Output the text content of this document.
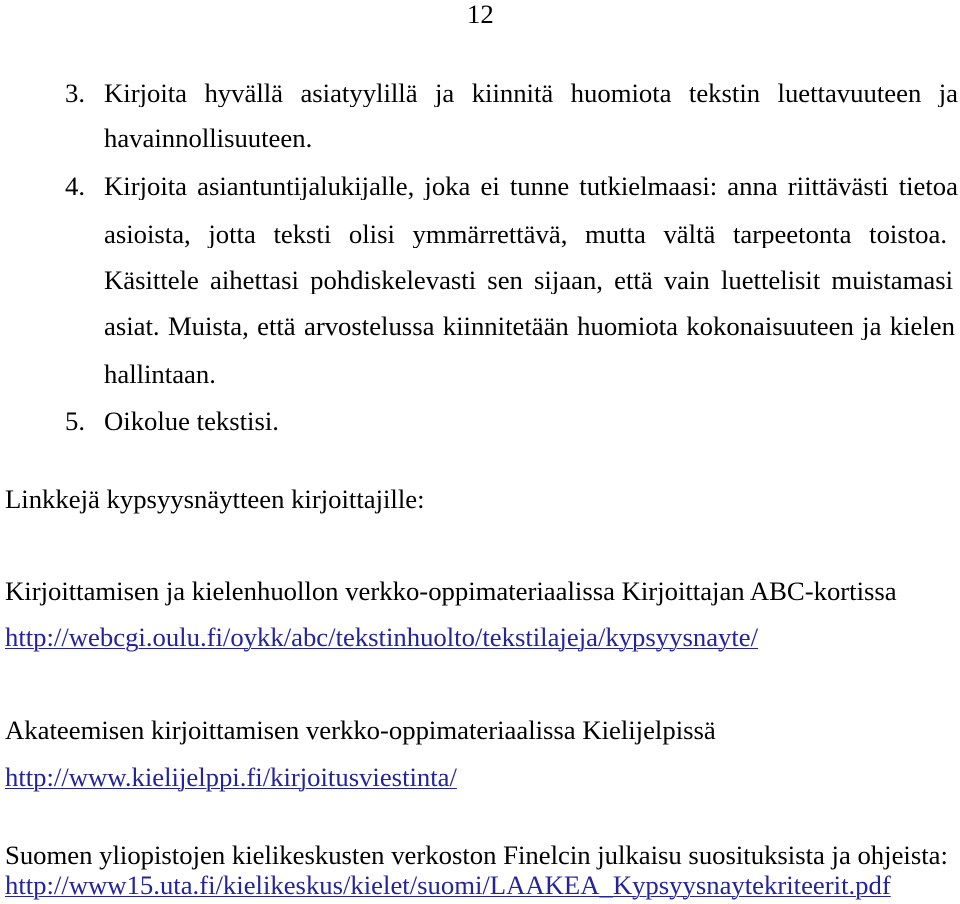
12
3. Kirjoita hyvällä asiatyylillä ja kiinnitä huomiota tekstin luettavuuteen ja
havainnollisuuteen.
4. Kirjoita asiantuntijalukijalle, joka ei tunne tutkielmaasi: anna riittävästi tietoa
asioista, jotta teksti olisi ymmärrettävä, mutta vältä tarpeetonta toistoa.
Käsittele aihettasi pohdiskelevasti sen sijaan, että vain luettelisit muistamasi
asiat. Muista, että arvostelussa kiinnitetään huomiota kokonaisuuteen ja kielen
hallintaan.
5. Oikolue tekstisi.
Linkkejä kypsyysnäytteen kirjoittajille:
Kirjoittamisen ja kielenhuollon verkko-oppimateriaalissa Kirjoittajan ABC-kortissa
http://webcgi.oulu.fi/oykk/abc/tekstinhuolto/tekstilajeja/kypsyysnayte/
Akateemisen kirjoittamisen verkko-oppimateriaalissa Kielijelpissä
http://www.kielijelppi.fi/kirjoitusviestinta/
Suomen yliopistojen kielikeskusten verkoston Finelcin julkaisu suosituksista ja ohjeista:
http://www15.uta.fi/kielikeskus/kielet/suomi/LAAKEA_Kypsyysnaytekriteerit.pdf
